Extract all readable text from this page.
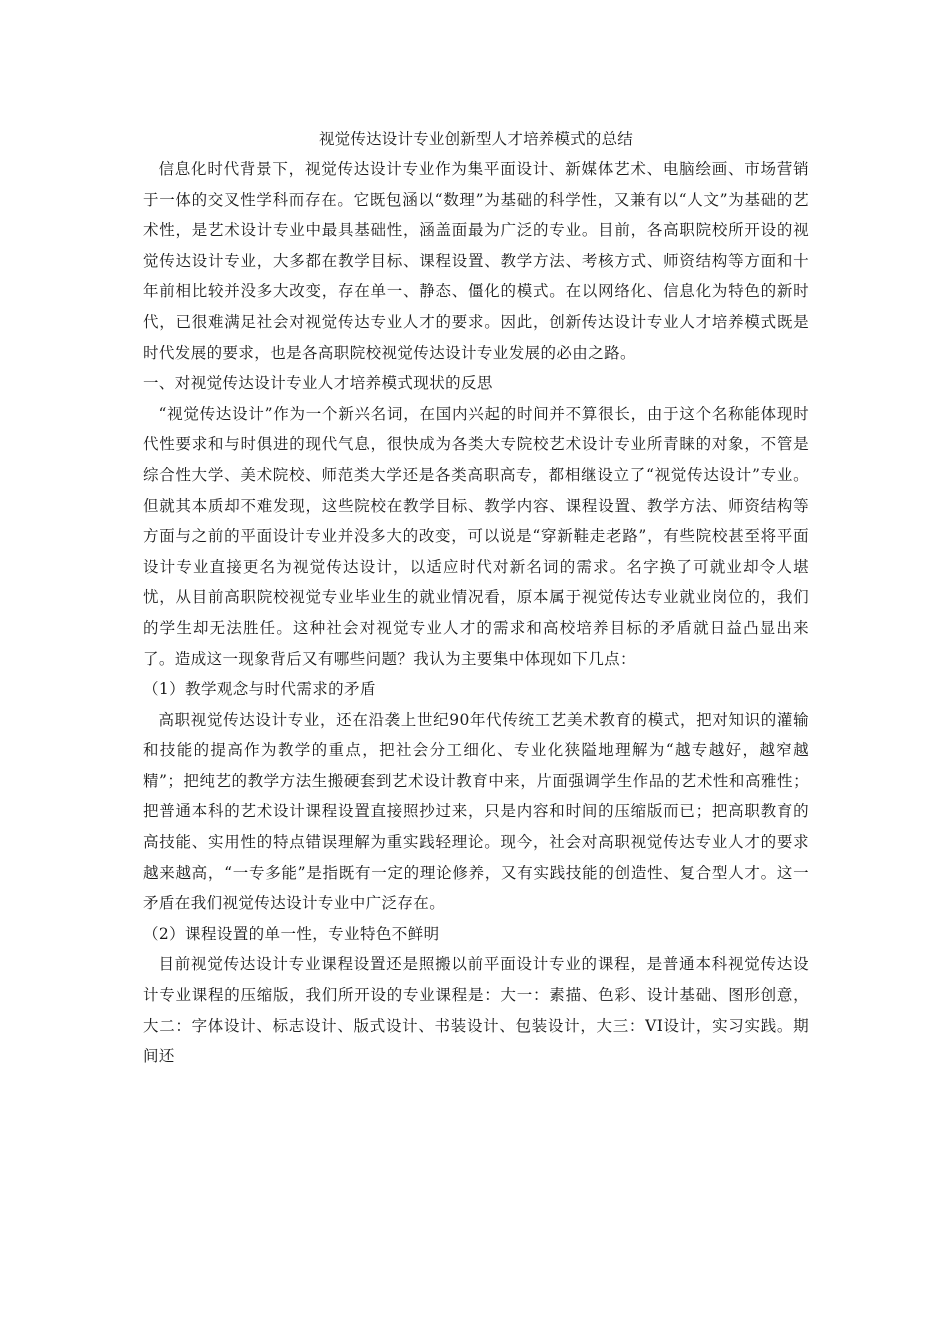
视觉传达设计专业创新型人才培养模式的总结

信息化时代背景下，视觉传达设计专业作为集平面设计、新媒体艺术、电脑绘画、市场营销于一体的交叉性学科而存在。它既包涵以“数理”为基础的科学性，又兼有以“人文”为基础的艺术性，是艺术设计专业中最具基础性，涵盖面最为广泛的专业。目前，各高职院校所开设的视觉传达设计专业，大多都在教学目标、课程设置、教学方法、考核方式、师资结构等方面和十年前相比较并没多大改变，存在单一、静态、僵化的模式。在以网络化、信息化为特色的新时代，已很难满足社会对视觉传达专业人才的要求。因此，创新传达设计专业人才培养模式既是时代发展的要求，也是各高职院校视觉传达设计专业发展的必由之路。

一、对视觉传达设计专业人才培养模式现状的反思

“视觉传达设计”作为一个新兴名词，在国内兴起的时间并不算很长，由于这个名称能体现时代性要求和与时俱进的现代气息，很快成为各类大专院校艺术设计专业所青睐的对象，不管是综合性大学、美术院校、师范类大学还是各类高职高专，都相继设立了“视觉传达设计”专业。但就其本质却不难发现，这些院校在教学目标、教学内容、课程设置、教学方法、师资结构等方面与之前的平面设计专业并没多大的改变，可以说是“穿新鞋走老路”，有些院校甚至将平面设计专业直接更名为视觉传达设计，以适应时代对新名词的需求。名字换了可就业却令人堪忧，从目前高职院校视觉专业毕业生的就业情况看，原本属于视觉传达专业就业岗位的，我们的学生却无法胜任。这种社会对视觉专业人才的需求和高校培养目标的矛盾就日益凸显出来了。造成这一现象背后又有哪些问题？我认为主要集中体现如下几点：

（1）教学观念与时代需求的矛盾

高职视觉传达设计专业，还在沿袭上世纪90年代传统工艺美术教育的模式，把对知识的灌输和技能的提高作为教学的重点，把社会分工细化、专业化狭隘地理解为“越专越好，越窄越精”；把纯艺的教学方法生搬硬套到艺术设计教育中来，片面强调学生作品的艺术性和高雅性；把普通本科的艺术设计课程设置直接照抄过来，只是内容和时间的压缩版而已；把高职教育的高技能、实用性的特点错误理解为重实践轻理论。现今，社会对高职视觉传达专业人才的要求越来越高，“一专多能”是指既有一定的理论修养，又有实践技能的创造性、复合型人才。这一矛盾在我们视觉传达设计专业中广泛存在。

（2）课程设置的单一性，专业特色不鲜明

目前视觉传达设计专业课程设置还是照搬以前平面设计专业的课程，是普通本科视觉传达设计专业课程的压缩版，我们所开设的专业课程是：大一：素描、色彩、设计基础、图形创意，大二：字体设计、标志设计、版式设计、书装设计、包装设计，大三：VI设计，实习实践。期间还
